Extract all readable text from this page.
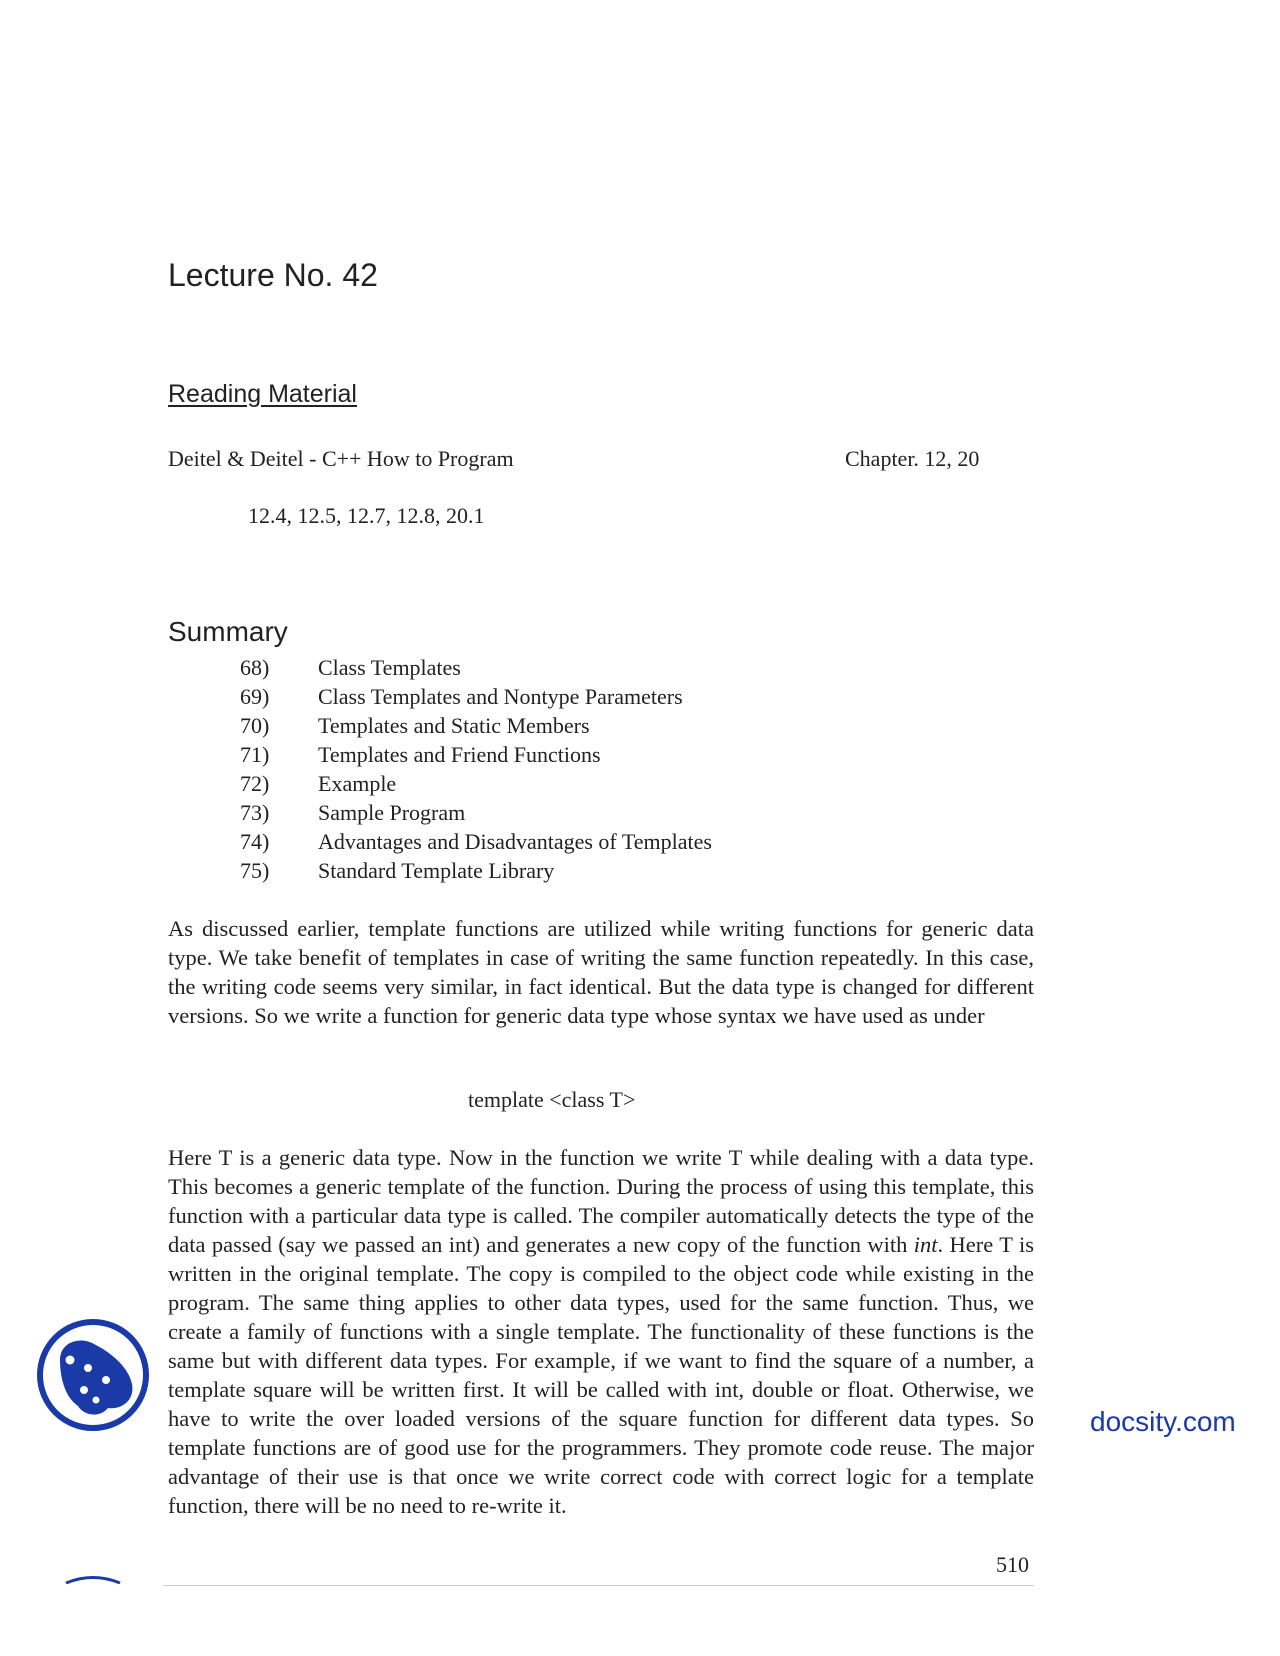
Lecture No. 42
Reading Material
Deitel & Deitel - C++ How to Program	Chapter. 12, 20
12.4, 12.5, 12.7, 12.8, 20.1
Summary
68)	Class Templates
69)	Class Templates and Nontype Parameters
70)	Templates and Static Members
71)	Templates and Friend Functions
72)	Example
73)	Sample Program
74)	Advantages and Disadvantages of Templates
75)	Standard Template Library

As discussed earlier, template functions are utilized while writing functions for generic data type. We take benefit of templates in case of writing the same function repeatedly. In this case, the writing code seems very similar, in fact identical. But the data type is changed for different versions. So we write a function for generic data type whose syntax we have used as under

template <class T>

Here T is a generic data type. Now in the function we write T while dealing with a data type. This becomes a generic template of the function. During the process of using this template, this function with a particular data type is called. The compiler automatically detects the type of the data passed (say we passed an int) and generates a new copy of the function with int. Here T is written in the original template. The copy is compiled to the object code while existing in the program. The same thing applies to other data types, used for the same function. Thus, we create a family of functions with a single template. The functionality of these functions is the same but with different data types. For example, if we want to find the square of a number, a template square will be written first. It will be called with int, double or float. Otherwise, we have to write the over loaded versions of the square function for different data types. So template functions are of good use for the programmers. They promote code reuse. The major advantage of their use is that once we write correct code with correct logic for a template function, there will be no need to re-write it.

510
docsity.com
